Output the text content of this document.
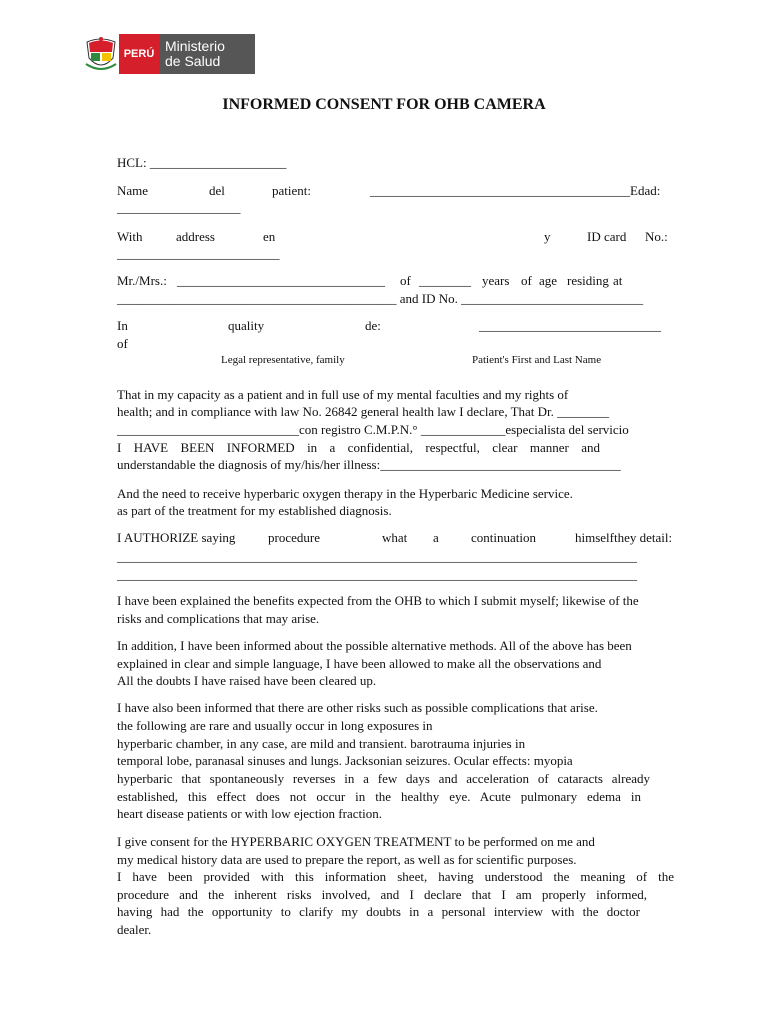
PERÚ Ministerio
de Salud
INFORMED CONSENT FOR OHB CAMERA

HCL: _____________________

Name	del	patient:	________________________________________Edad:

___________________

With	address	en	y	ID card No.:

_________________________

Mr./Mrs.: ________________________________ of ________ years of age residing at

___________________________________________ and ID No. ____________________________

In	quality	de:	____________________________

of

Legal representative, family	Patient's First and Last Name

That in my capacity as a patient and in full use of my mental faculties and my rights of

health; and in compliance with law No. 26842 general health law I declare, That Dr. ________

____________________________con registro C.M.P.N.° _____________especialista del servicio

I HAVE BEEN INFORMED in a confidential, respectful, clear manner and

understandable the diagnosis of my/his/her illness:_____________________________________

And the need to receive hyperbaric oxygen therapy in the Hyperbaric Medicine service.

as part of the treatment for my established diagnosis.

I AUTHORIZE saying	procedure	what a continuation	himselfthey detail:

________________________________________________________________________________

________________________________________________________________________________

I have been explained the benefits expected from the OHB to which I submit myself; likewise of the

risks and complications that may arise.

In addition, I have been informed about the possible alternative methods. All of the above has been

explained in clear and simple language, I have been allowed to make all the observations and

All the doubts I have raised have been cleared up.

I have also been informed that there are other risks such as possible complications that arise.

the following are rare and usually occur in long exposures in

hyperbaric chamber, in any case, are mild and transient. barotrauma injuries in

temporal lobe, paranasal sinuses and lungs. Jacksonian seizures. Ocular effects: myopia

hyperbaric that spontaneously reverses in a few days and acceleration of cataracts already

established, this effect does not occur in the healthy eye. Acute pulmonary edema in

heart disease patients or with low ejection fraction.

I give consent for the HYPERBARIC OXYGEN TREATMENT to be performed on me and

my medical history data are used to prepare the report, as well as for scientific purposes.

I have been provided with this information sheet, having understood the meaning of the

procedure and the inherent risks involved, and I declare that I am properly informed,

having had the opportunity to clarify my doubts in a personal interview with the doctor

dealer.
